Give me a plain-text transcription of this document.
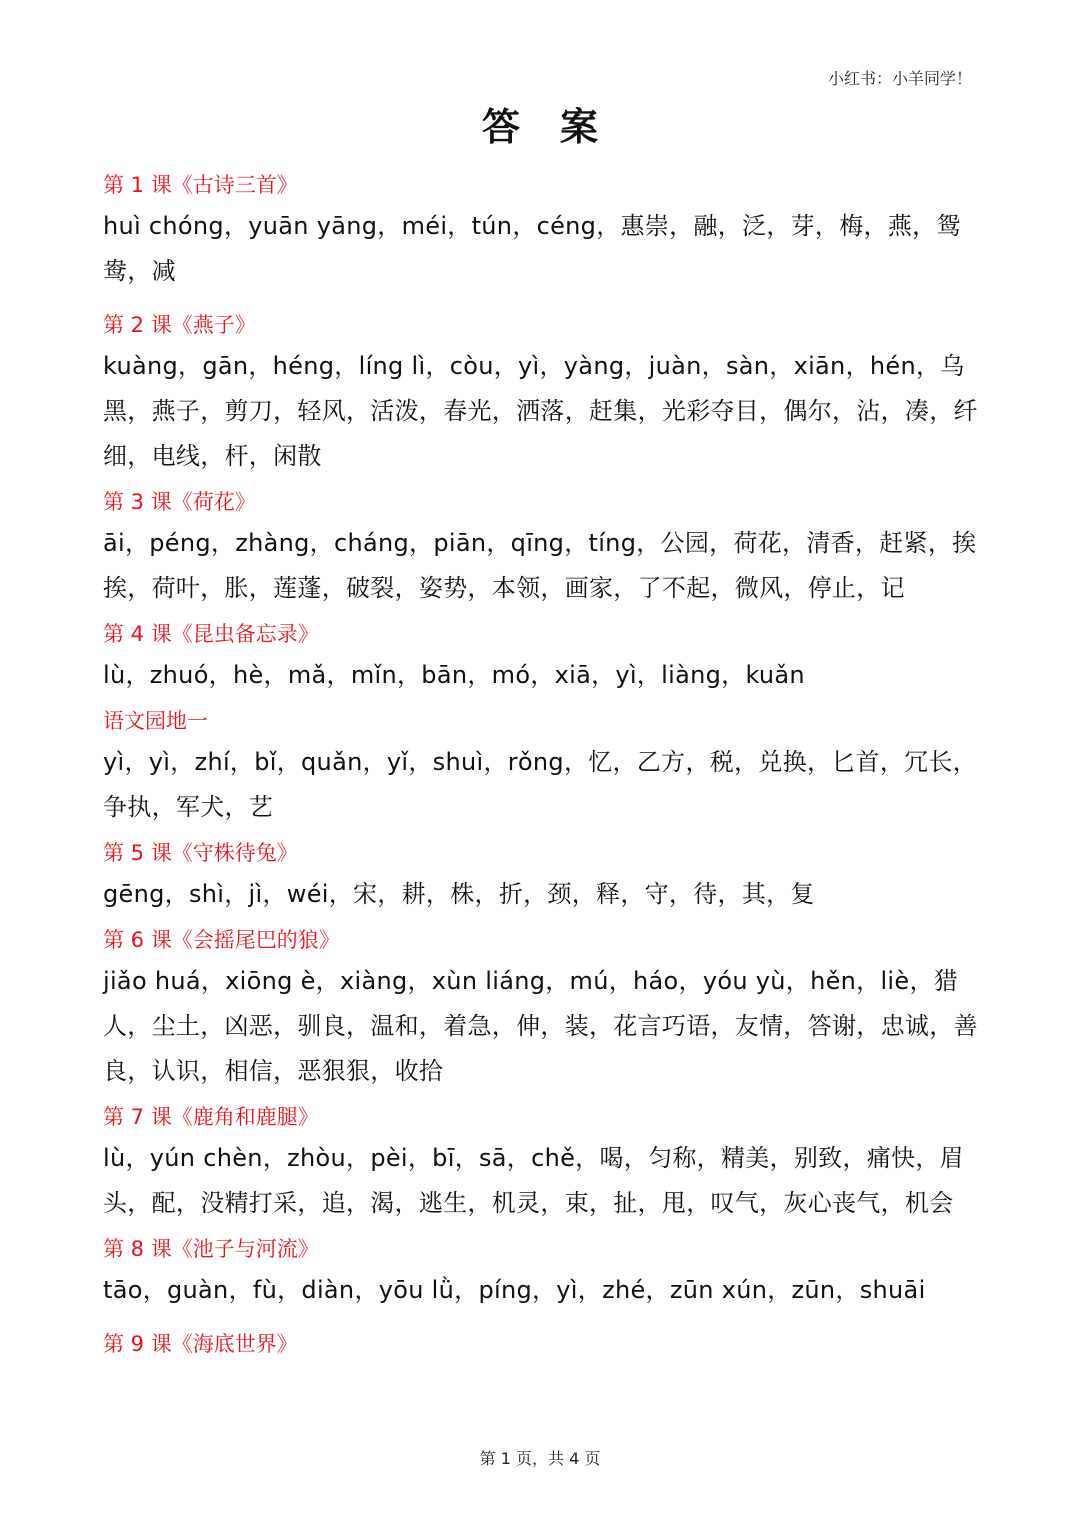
小红书：小羊同学！
答案

第 1 课《古诗三首》

huì chóng，yuān yāng，méi，tún，céng，惠崇，融，泛，芽，梅，燕，鸳鸯，减

第 2 课《燕子》

kuàng，gān，héng，líng lì，còu，yì，yàng，juàn，sàn，xiān，hén，乌黑，燕子，剪刀，轻风，活泼，春光，洒落，赶集，光彩夺目，偶尔，沾，凑，纤细，电线，杆，闲散

第 3 课《荷花》

āi，péng，zhàng，cháng，piān，qīng，tíng，公园，荷花，清香，赶紧，挨挨，荷叶，胀，莲蓬，破裂，姿势，本领，画家，了不起，微风，停止，记

第 4 课《昆虫备忘录》

lù，zhuó，hè，mǎ，mǐn，bān，mó，xiā，yì，liàng，kuǎn

语文园地一

yì，yì，zhí，bǐ，quǎn，yǐ，shuì，rǒng，忆，乙方，税，兑换，匕首，冗长，争执，军犬，艺

第 5 课《守株待兔》

gēng，shì，jì，wéi，宋，耕，株，折，颈，释，守，待，其，复

第 6 课《会摇尾巴的狼》

jiǎo huá，xiōng è，xiàng，xùn liáng，mú，háo，yóu yù，hěn，liè，猎人，尘土，凶恶，驯良，温和，着急，伸，装，花言巧语，友情，答谢，忠诚，善良，认识，相信，恶狠狠，收拾

第 7 课《鹿角和鹿腿》

lù，yún chèn，zhòu，pèi，bī，sā，chě，喝，匀称，精美，别致，痛快，眉头，配，没精打采，追，渴，逃生，机灵，束，扯，甩，叹气，灰心丧气，机会

第 8 课《池子与河流》

tāo，guàn，fù，diàn，yōu lǜ，píng，yì，zhé，zūn xún，zūn，shuāi

第 9 课《海底世界》

第 1 页，共 4 页
